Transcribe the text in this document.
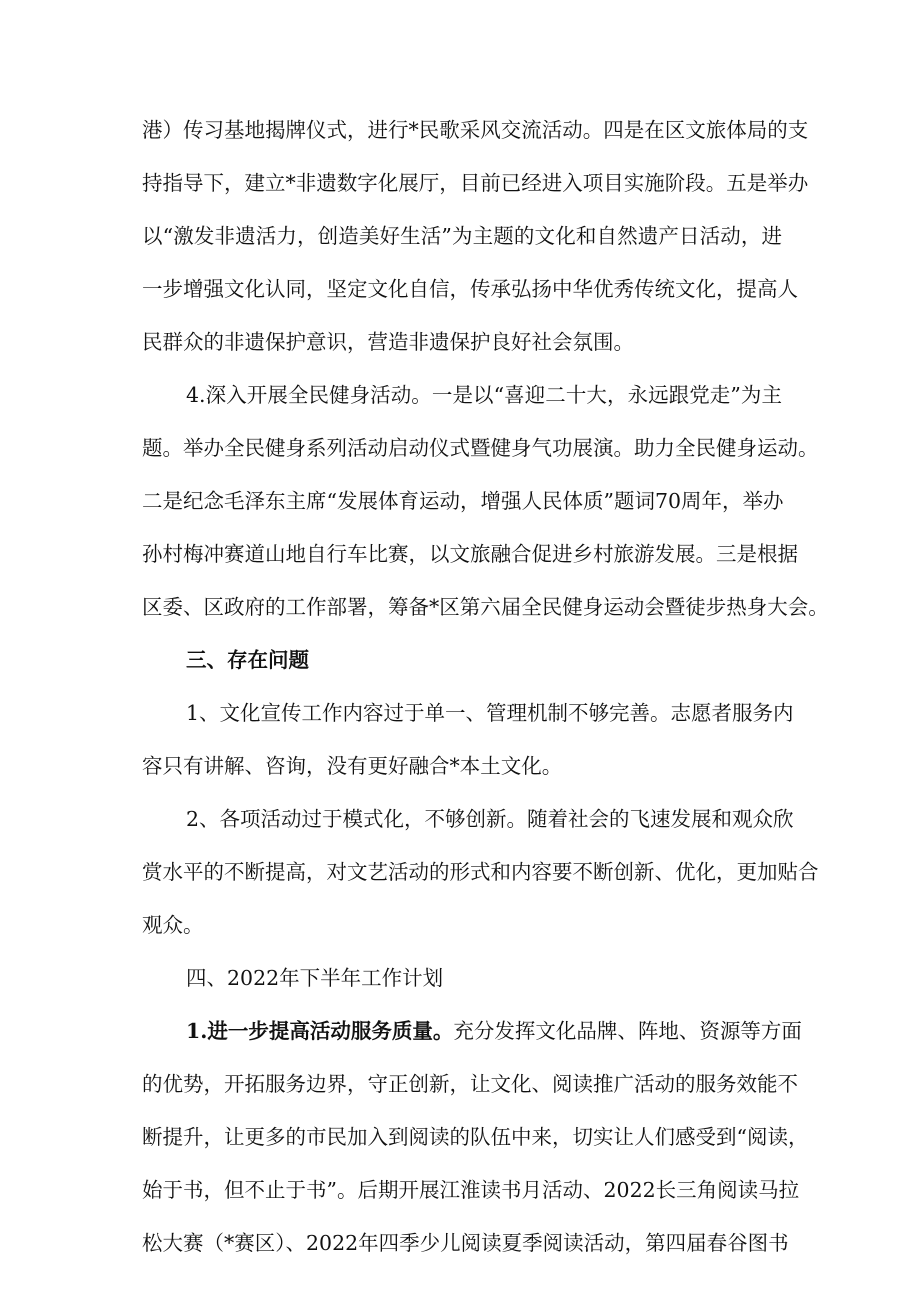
港）传习基地揭牌仪式，进行*民歌采风交流活动。四是在区文旅体局的支
持指导下，建立*非遗数字化展厅，目前已经进入项目实施阶段。五是举办
以“激发非遗活力，创造美好生活”为主题的文化和自然遗产日活动，进
一步增强文化认同，坚定文化自信，传承弘扬中华优秀传统文化，提高人
民群众的非遗保护意识，营造非遗保护良好社会氛围。
4.深入开展全民健身活动。一是以“喜迎二十大，永远跟党走”为主
题。举办全民健身系列活动启动仪式暨健身气功展演。助力全民健身运动。
二是纪念毛泽东主席“发展体育运动，增强人民体质”题词70周年，举办
孙村梅冲赛道山地自行车比赛，以文旅融合促进乡村旅游发展。三是根据
区委、区政府的工作部署，筹备*区第六届全民健身运动会暨徒步热身大会。
三、存在问题
1、文化宣传工作内容过于单一、管理机制不够完善。志愿者服务内
容只有讲解、咨询，没有更好融合*本土文化。
2、各项活动过于模式化，不够创新。随着社会的飞速发展和观众欣
赏水平的不断提高，对文艺活动的形式和内容要不断创新、优化，更加贴合
观众。
四、2022年下半年工作计划
1.进一步提高活动服务质量。充分发挥文化品牌、阵地、资源等方面
的优势，开拓服务边界，守正创新，让文化、阅读推广活动的服务效能不
断提升，让更多的市民加入到阅读的队伍中来，切实让人们感受到“阅读，
始于书，但不止于书”。后期开展江淮读书月活动、2022长三角阅读马拉
松大赛（*赛区）、2022年四季少儿阅读夏季阅读活动，第四届春谷图书
